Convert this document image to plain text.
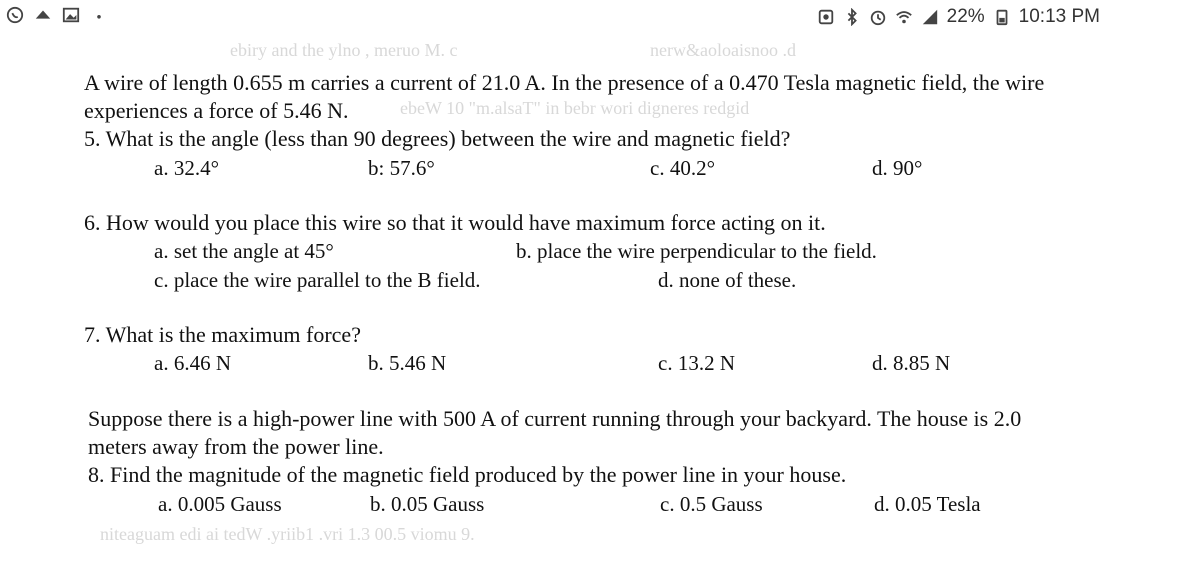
22% 10:13 PM
ebiry and the ylno , meruo M. c	nerw&aoloaisnoo .d
ebeW 10 "m.alsaT" in bebr wori digneres redgid
A wire of length 0.655 m carries a current of 21.0 A. In the presence of a 0.470 Tesla magnetic field, the wire
experiences a force of 5.46 N.
5. What is the angle (less than 90 degrees) between the wire and magnetic field?
a. 32.4°	b: 57.6°	c. 40.2°	d. 90°
6. How would you place this wire so that it would have maximum force acting on it.
a. set the angle at 45°	b. place the wire perpendicular to the field.
c. place the wire parallel to the B field.	d. none of these.
7. What is the maximum force?
a. 6.46 N	b. 5.46 N	c. 13.2 N	d. 8.85 N
Suppose there is a high-power line with 500 A of current running through your backyard. The house is 2.0
meters away from the power line.
8. Find the magnitude of the magnetic field produced by the power line in your house.
a. 0.005 Gauss	b. 0.05 Gauss	c. 0.5 Gauss	d. 0.05 Tesla
niteaguam edi ai tedW .yriib1 .vri 1.3 00.5 viomu 9.
